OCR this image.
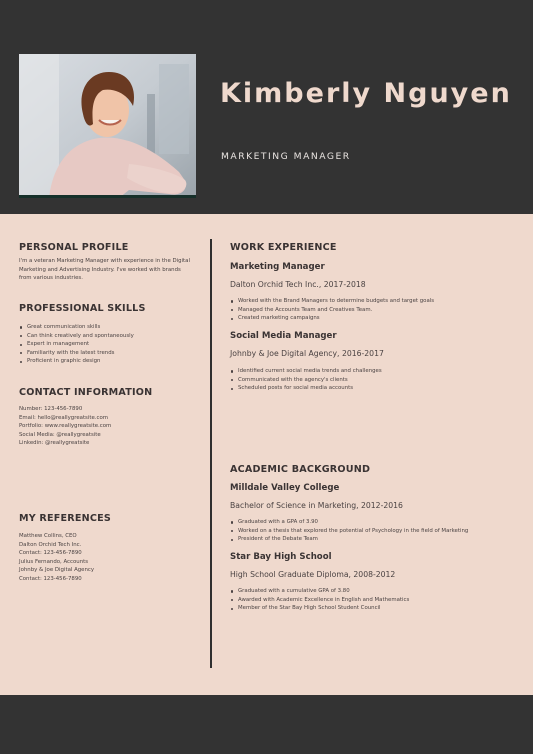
Kimberly Nguyen
MARKETING MANAGER
PERSONAL PROFILE
I'm a veteran Marketing Manager with experience in the Digital
Marketing and Advertising Industry. I've worked with brands
from various industries.
PROFESSIONAL SKILLS
Great communication skills
Can think creatively and spontaneously
Expert in management
Familiarity with the latest trends
Proficient in graphic design
CONTACT INFORMATION
Number: 123-456-7890
Email: hello@reallygreatsite.com
Portfolio: www.reallygreatsite.com
Social Media: @reallygreatsite
Linkedin: @reallygreatsite
MY REFERENCES
Matthew Collins, CEO
Dalton Orchid Tech Inc.
Contact: 123-456-7890
Julius Fernando, Accounts
Johnby & Joe Digital Agency
Contact: 123-456-7890
WORK EXPERIENCE
Marketing Manager
Dalton Orchid Tech Inc., 2017-2018
Worked with the Brand Managers to determine budgets and target goals
Managed the Accounts Team and Creatives Team.
Created marketing campaigns
Social Media Manager
Johnby & Joe Digital Agency, 2016-2017
Identified current social media trends and challenges
Communicated with the agency's clients
Scheduled posts for social media accounts
ACADEMIC BACKGROUND
Milldale Valley College
Bachelor of Science in Marketing, 2012-2016
Graduated with a GPA of 3.90
Worked on a thesis that explored the potential of Psychology in the field of Marketing
President of the Debate Team
Star Bay High School
High School Graduate Diploma, 2008-2012
Graduated with a cumulative GPA of 3.80
Awarded with Academic Excellence in English and Mathematics
Member of the Star Bay High School Student Council
